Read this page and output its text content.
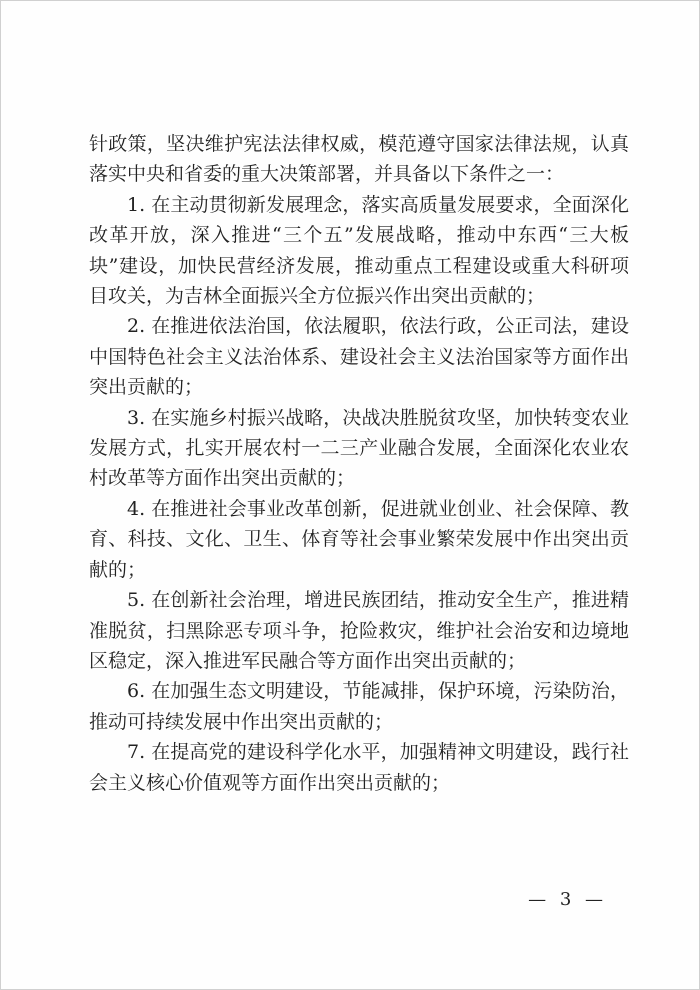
针政策，坚决维护宪法法律权威，模范遵守国家法律法规，认真落实中央和省委的重大决策部署，并具备以下条件之一：

1. 在主动贯彻新发展理念，落实高质量发展要求，全面深化改革开放，深入推进“三个五”发展战略，推动中东西“三大板块”建设，加快民营经济发展，推动重点工程建设或重大科研项目攻关，为吉林全面振兴全方位振兴作出突出贡献的；

2. 在推进依法治国，依法履职，依法行政，公正司法，建设中国特色社会主义法治体系、建设社会主义法治国家等方面作出突出贡献的；

3. 在实施乡村振兴战略，决战决胜脱贫攻坚，加快转变农业发展方式，扎实开展农村一二三产业融合发展，全面深化农业农村改革等方面作出突出贡献的；

4. 在推进社会事业改革创新，促进就业创业、社会保障、教育、科技、文化、卫生、体育等社会事业繁荣发展中作出突出贡献的；

5. 在创新社会治理，增进民族团结，推动安全生产，推进精准脱贫，扫黑除恶专项斗争，抢险救灾，维护社会治安和边境地区稳定，深入推进军民融合等方面作出突出贡献的；

6. 在加强生态文明建设，节能减排，保护环境，污染防治，推动可持续发展中作出突出贡献的；

7. 在提高党的建设科学化水平，加强精神文明建设，践行社会主义核心价值观等方面作出突出贡献的；

— 3 —
